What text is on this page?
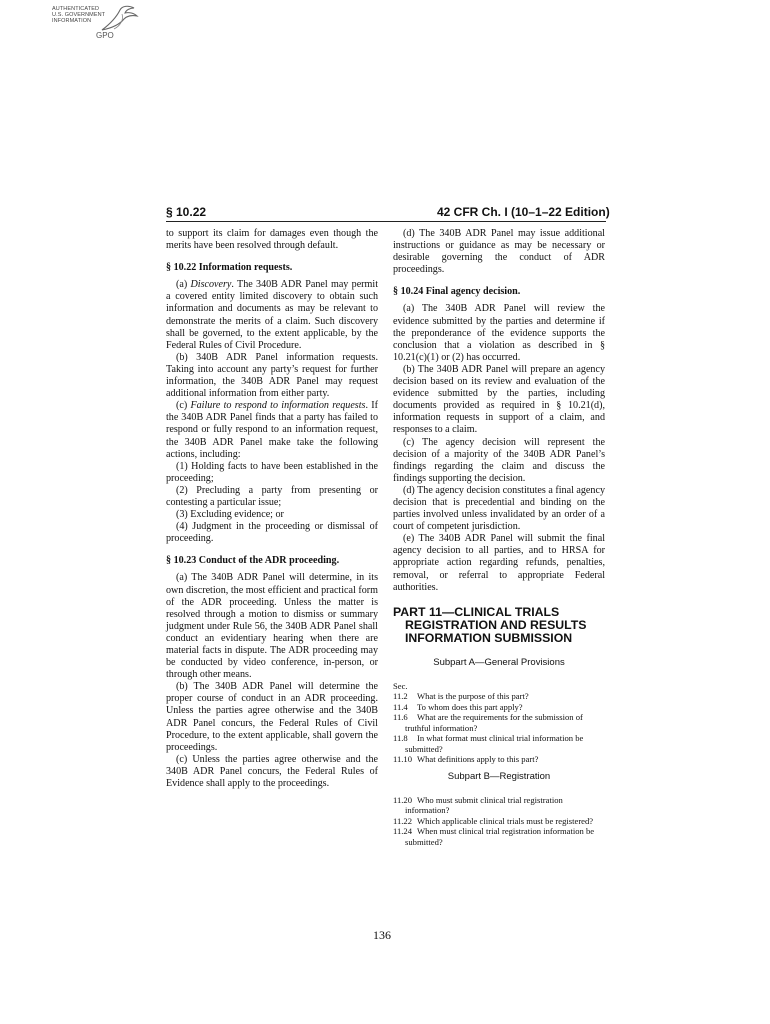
AUTHENTICATED
U.S. GOVERNMENT
INFORMATION
GPO
§ 10.22	42 CFR Ch. I (10–1–22 Edition)

to support its claim for damages even though the merits have been resolved through default.

§ 10.22 Information requests.

(a) Discovery. The 340B ADR Panel may permit a covered entity limited discovery to obtain such information and documents as may be relevant to demonstrate the merits of a claim. Such discovery shall be governed, to the extent applicable, by the Federal Rules of Civil Procedure.

(b) 340B ADR Panel information requests. Taking into account any party’s request for further information, the 340B ADR Panel may request additional information from either party.

(c) Failure to respond to information requests. If the 340B ADR Panel finds that a party has failed to respond or fully respond to an information request, the 340B ADR Panel make take the following actions, including:

(1) Holding facts to have been established in the proceeding;

(2) Precluding a party from presenting or contesting a particular issue;

(3) Excluding evidence; or

(4) Judgment in the proceeding or dismissal of proceeding.

§ 10.23 Conduct of the ADR proceeding.

(a) The 340B ADR Panel will determine, in its own discretion, the most efficient and practical form of the ADR proceeding. Unless the matter is resolved through a motion to dismiss or summary judgment under Rule 56, the 340B ADR Panel shall conduct an evidentiary hearing when there are material facts in dispute. The ADR proceeding may be conducted by video conference, in-person, or through other means.

(b) The 340B ADR Panel will determine the proper course of conduct in an ADR proceeding. Unless the parties agree otherwise and the 340B ADR Panel concurs, the Federal Rules of Civil Procedure, to the extent applicable, shall govern the proceedings.

(c) Unless the parties agree otherwise and the 340B ADR Panel concurs, the Federal Rules of Evidence shall apply to the proceedings.

(d) The 340B ADR Panel may issue additional instructions or guidance as may be necessary or desirable governing the conduct of ADR proceedings.

§ 10.24 Final agency decision.

(a) The 340B ADR Panel will review the evidence submitted by the parties and determine if the preponderance of the evidence supports the conclusion that a violation as described in § 10.21(c)(1) or (2) has occurred.

(b) The 340B ADR Panel will prepare an agency decision based on its review and evaluation of the evidence submitted by the parties, including documents provided as required in § 10.21(d), information requests in support of a claim, and responses to a claim.

(c) The agency decision will represent the decision of a majority of the 340B ADR Panel’s findings regarding the claim and discuss the findings supporting the decision.

(d) The agency decision constitutes a final agency decision that is precedential and binding on the parties involved unless invalidated by an order of a court of competent jurisdiction.

(e) The 340B ADR Panel will submit the final agency decision to all parties, and to HRSA for appropriate action regarding refunds, penalties, removal, or referral to appropriate Federal authorities.

PART 11—CLINICAL TRIALS REGISTRATION AND RESULTS INFORMATION SUBMISSION

Subpart A—General Provisions

Sec.

11.2 What is the purpose of this part?

11.4 To whom does this part apply?

11.6 What are the requirements for the submission of truthful information?

11.8 In what format must clinical trial information be submitted?

11.10 What definitions apply to this part?

Subpart B—Registration

11.20 Who must submit clinical trial registration information?

11.22 Which applicable clinical trials must be registered?

11.24 When must clinical trial registration information be submitted?

136
